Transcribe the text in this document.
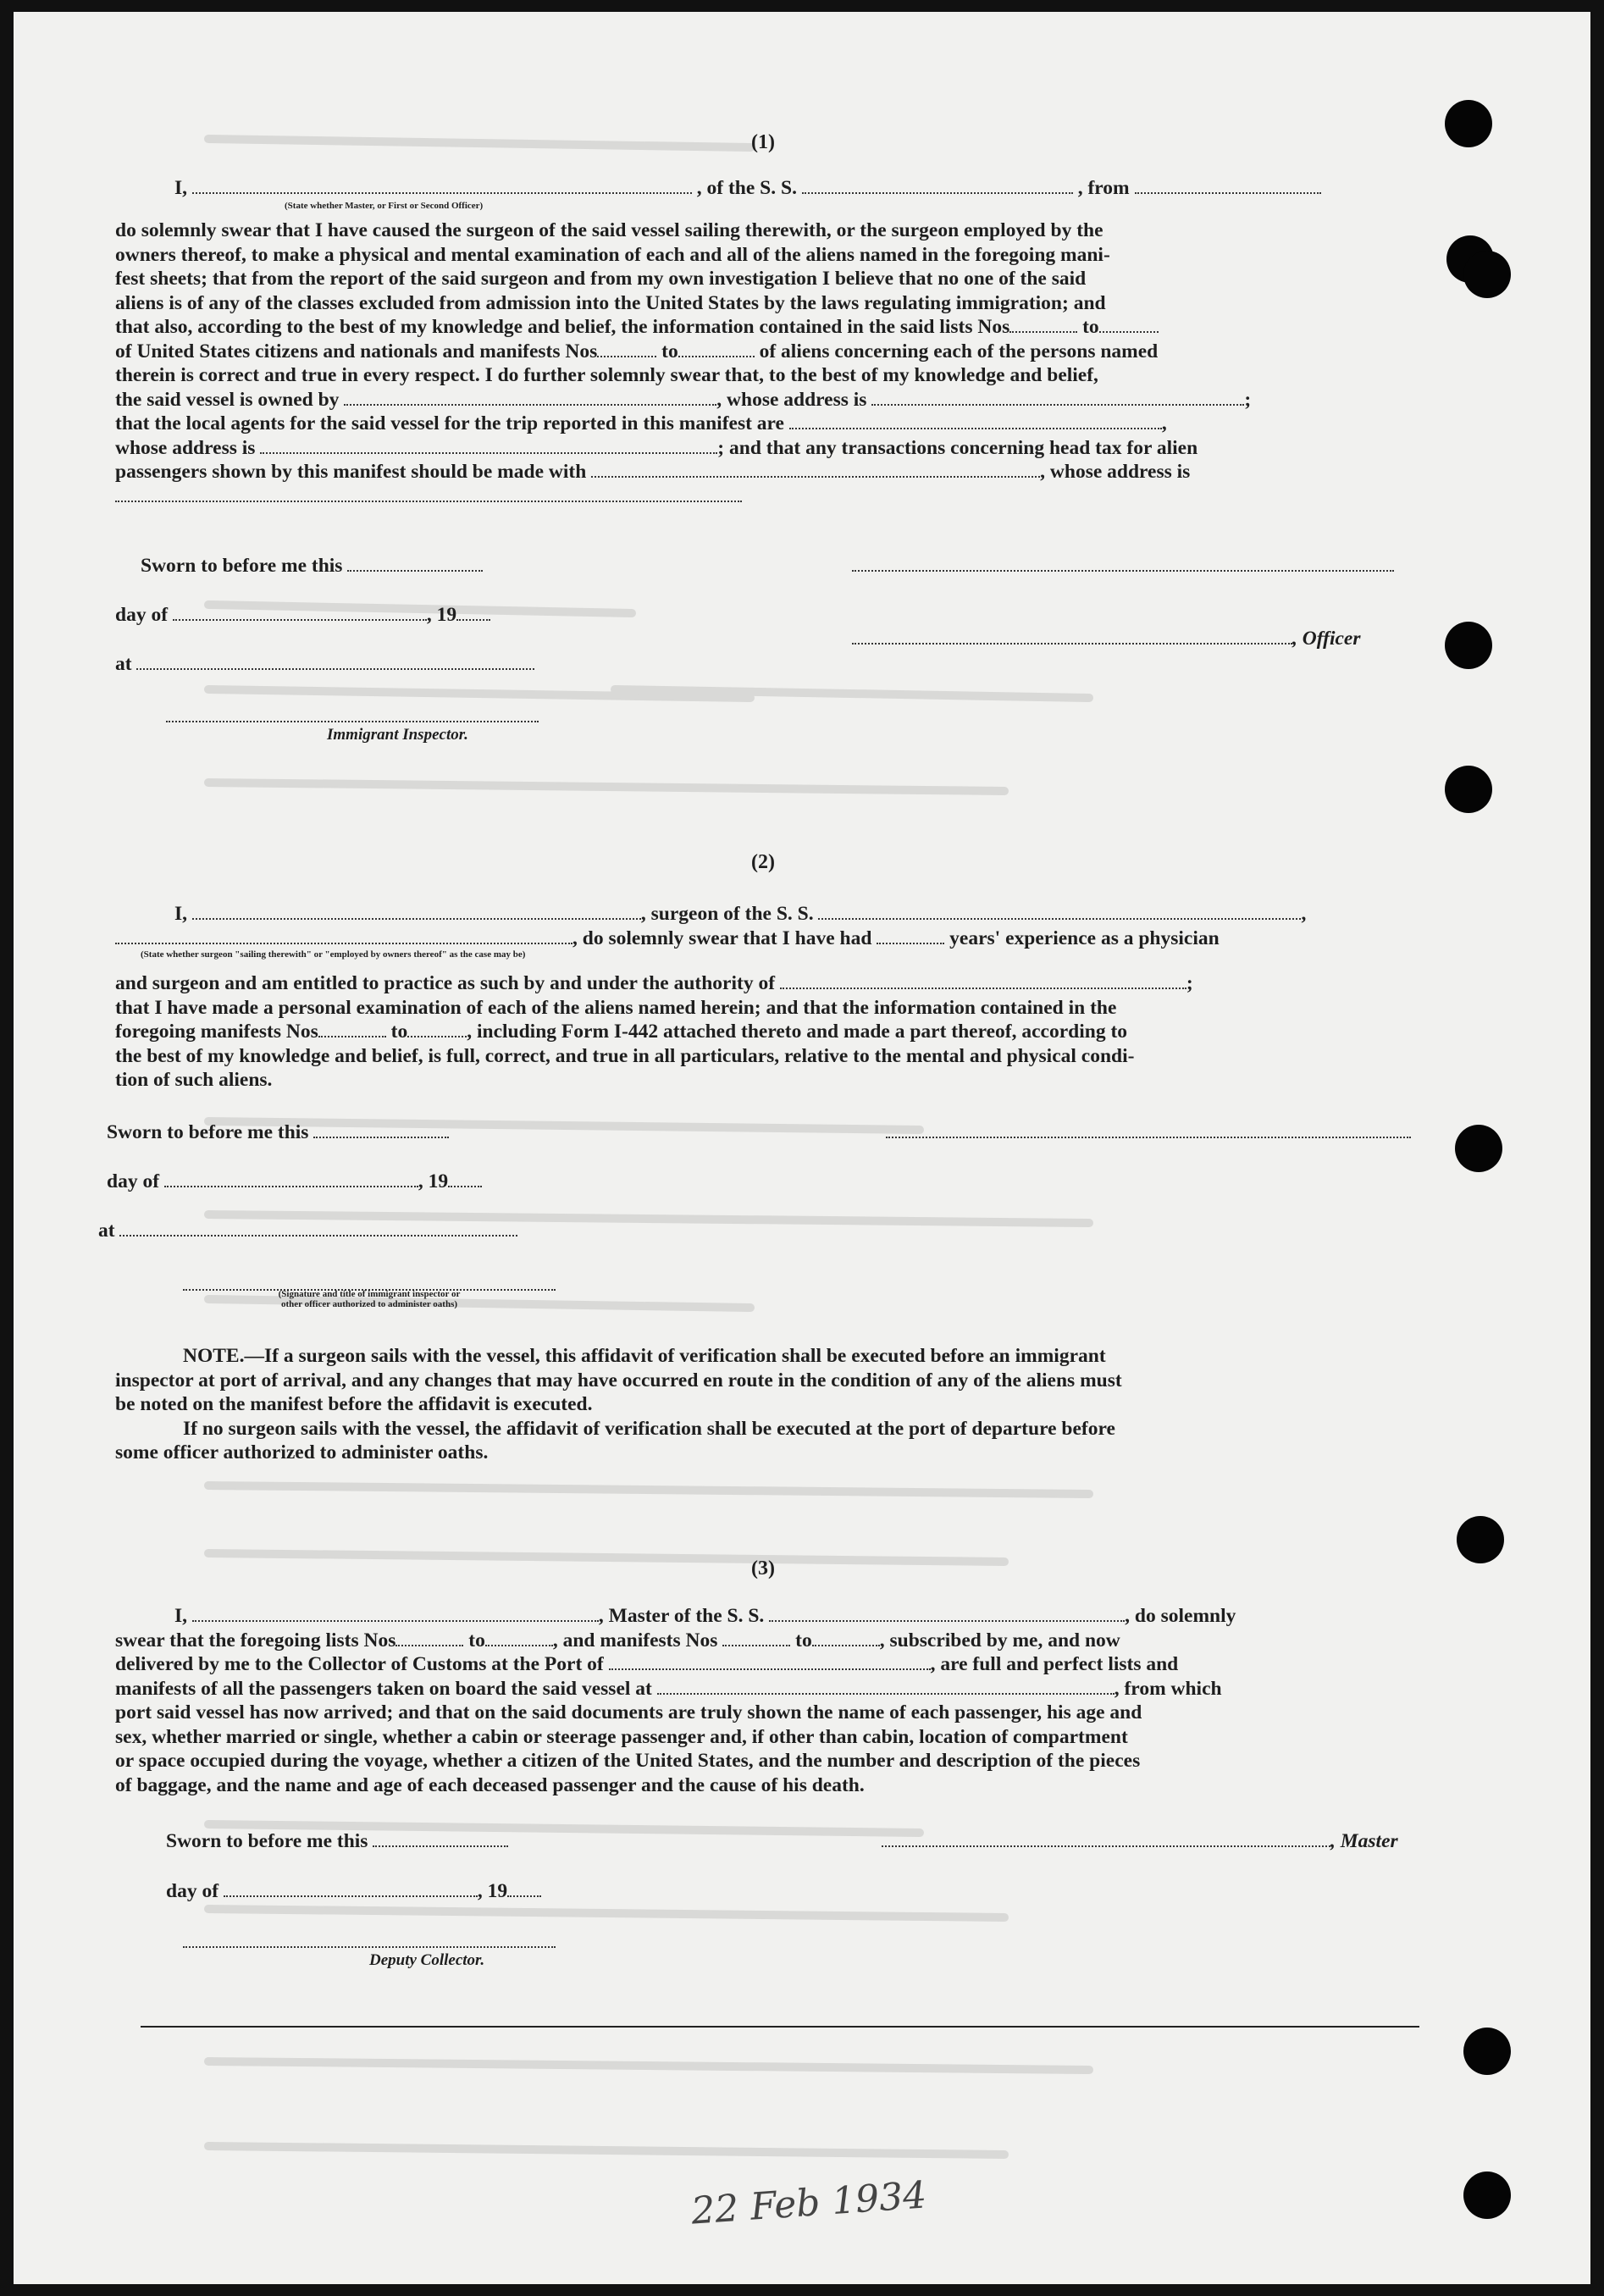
(1)
I,	, of the S. S.	, from
(State whether Master, or First or Second Officer)
do solemnly swear that I have caused the surgeon of the said vessel sailing therewith, or the surgeon employed by the
owners thereof, to make a physical and mental examination of each and all of the aliens named in the foregoing mani-
fest sheets; that from the report of the said surgeon and from my own investigation I believe that no one of the said
aliens is of any of the classes excluded from admission into the United States by the laws regulating immigration; and
that also, according to the best of my knowledge and belief, the information contained in the said lists Nos	to
of United States citizens and nationals and manifests Nos	to	of aliens concerning each of the persons named
therein is correct and true in every respect. I do further solemnly swear that, to the best of my knowledge and belief,
the said vessel is owned by	, whose address is	;
that the local agents for the said vessel for the trip reported in this manifest are	,
whose address is	; and that any transactions concerning head tax for alien
passengers shown by this manifest should be made with	, whose address is
Sworn to before me this
day of	, 19
, Officer
at
Immigrant Inspector.
(2)
I,	, surgeon of the S. S.	,
, do solemnly swear that I have had	years' experience as a physician
(State whether surgeon "sailing therewith" or "employed by owners thereof" as the case may be)
and surgeon and am entitled to practice as such by and under the authority of	;
that I have made a personal examination of each of the aliens named herein; and that the information contained in the
foregoing manifests Nos	to	, including Form I-442 attached thereto and made a part thereof, according to
the best of my knowledge and belief, is full, correct, and true in all particulars, relative to the mental and physical condi-
tion of such aliens.
Sworn to before me this
day of	, 19
at
(Signature and title of immigrant inspector or
other officer authorized to administer oaths)
NOTE.—If a surgeon sails with the vessel, this affidavit of verification shall be executed before an immigrant
inspector at port of arrival, and any changes that may have occurred en route in the condition of any of the aliens must
be noted on the manifest before the affidavit is executed.
If no surgeon sails with the vessel, the affidavit of verification shall be executed at the port of departure before
some officer authorized to administer oaths.
(3)
I,	, Master of the S. S.	, do solemnly
swear that the foregoing lists Nos	to	, and manifests Nos	to	, subscribed by me, and now
delivered by me to the Collector of Customs at the Port of	, are full and perfect lists and
manifests of all the passengers taken on board the said vessel at	, from which
port said vessel has now arrived; and that on the said documents are truly shown the name of each passenger, his age and
sex, whether married or single, whether a cabin or steerage passenger and, if other than cabin, location of compartment
or space occupied during the voyage, whether a citizen of the United States, and the number and description of the pieces
of baggage, and the name and age of each deceased passenger and the cause of his death.
Sworn to before me this	, Master
day of	, 19
Deputy Collector.
22 Feb 1934
